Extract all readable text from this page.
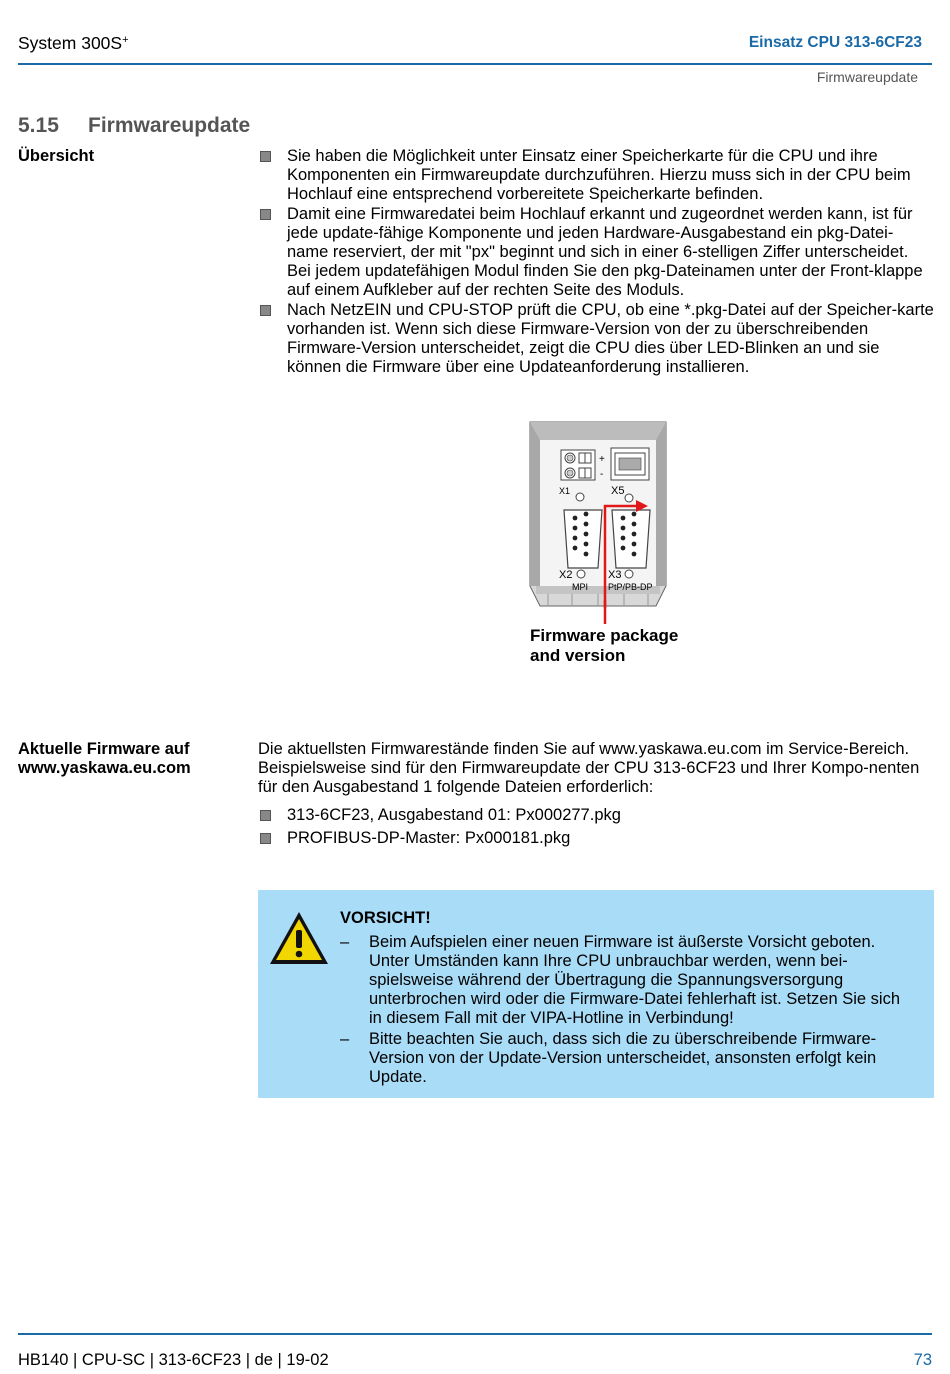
System 300S+	Einsatz CPU 313-6CF23
Firmwareupdate
5.15 Firmwareupdate
Übersicht	Sie haben die Möglichkeit unter Einsatz einer Speicherkarte für die CPU und ihre Komponenten ein Firmwareupdate durchzuführen. Hierzu muss sich in der CPU beim Hochlauf eine entsprechend vorbereitete Speicherkarte befinden.
Damit eine Firmwaredatei beim Hochlauf erkannt und zugeordnet werden kann, ist für jede update-fähige Komponente und jeden Hardware-Ausgabestand ein pkg-Datei-name reserviert, der mit "px" beginnt und sich in einer 6-stelligen Ziffer unterscheidet. Bei jedem updatefähigen Modul finden Sie den pkg-Dateinamen unter der Front-klappe auf einem Aufkleber auf der rechten Seite des Moduls.
Nach NetzEIN und CPU-STOP prüft die CPU, ob eine *.pkg-Datei auf der Speicher-karte vorhanden ist. Wenn sich diese Firmware-Version von der zu überschreibenden Firmware-Version unterscheidet, zeigt die CPU dies über LED-Blinken an und sie können die Firmware über eine Updateanforderung installieren.
+
-
X1	X5
X2	X3
MPI PtP/PB-DP
Firmware package
and version
Aktuelle Firmware auf
www.yaskawa.eu.com
Die aktuellsten Firmwarestände finden Sie auf www.yaskawa.eu.com im Service-Bereich. Beispielsweise sind für den Firmwareupdate der CPU 313-6CF23 und Ihrer Kompo-nenten für den Ausgabestand 1 folgende Dateien erforderlich:
313-6CF23, Ausgabestand 01: Px000277.pkg
PROFIBUS-DP-Master: Px000181.pkg
VORSICHT!
– Beim Aufspielen einer neuen Firmware ist äußerste Vorsicht geboten. Unter Umständen kann Ihre CPU unbrauchbar werden, wenn bei-spielsweise während der Übertragung die Spannungsversorgung unterbrochen wird oder die Firmware-Datei fehlerhaft ist. Setzen Sie sich in diesem Fall mit der VIPA-Hotline in Verbindung!
– Bitte beachten Sie auch, dass sich die zu überschreibende Firmware-Version von der Update-Version unterscheidet, ansonsten erfolgt kein Update.
HB140 | CPU-SC | 313-6CF23 | de | 19-02	73
